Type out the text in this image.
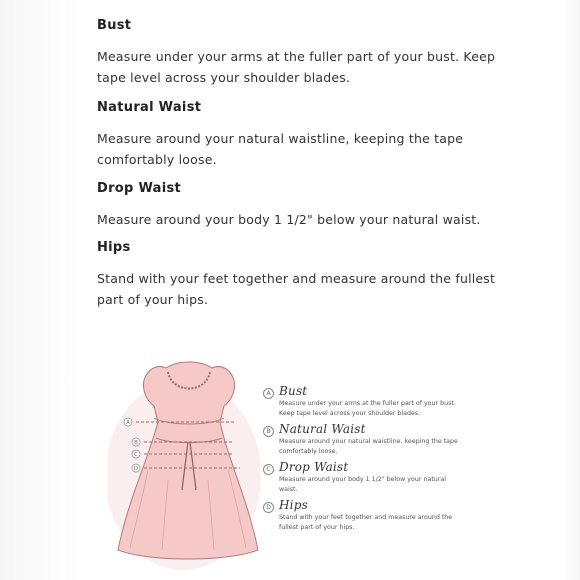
Bust

Measure under your arms at the fuller part of your bust. Keep tape level across your shoulder blades.

Natural Waist

Measure around your natural waistline, keeping the tape comfortably loose.

Drop Waist

Measure around your body 1 1/2" below your natural waist.

Hips

Stand with your feet together and measure around the fullest part of your hips.

A
B
C
D
A Bust
Measure under your arms at the fuller part of your bust. Keep tape level across your shoulder blades.
B Natural Waist
Measure around your natural waistline, keeping the tape comfortably loose.
C Drop Waist
Measure around your body 1 1/2" below your natural waist.
D Hips
Stand with your feet together and measure around the fullest part of your hips.
